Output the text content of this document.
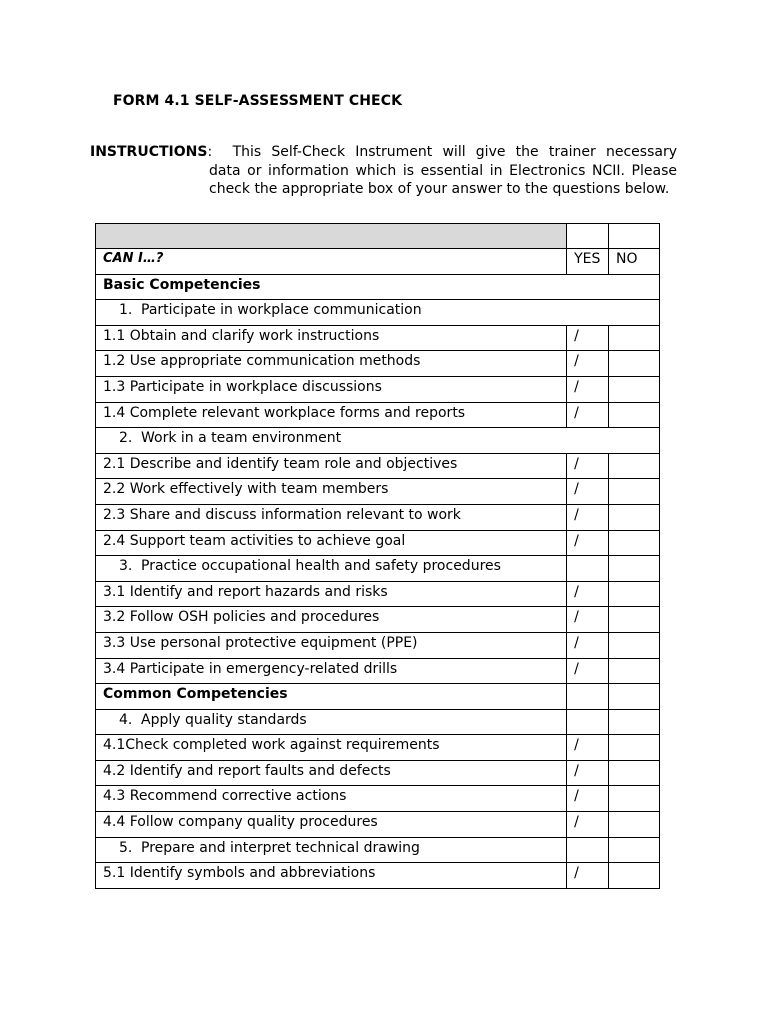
FORM 4.1 SELF-ASSESSMENT CHECK
INSTRUCTIONS:  This Self-Check Instrument will give the trainer necessary
data or information which is essential in Electronics NCII. Please check the appropriate box of your answer to the questions below.

CAN I…?	YES	NO
Basic Competencies		
1. Participate in workplace communication		
1.1 Obtain and clarify work instructions	/	
1.2 Use appropriate communication methods	/	
1.3 Participate in workplace discussions	/	
1.4 Complete relevant workplace forms and reports	/	
2. Work in a team environment		
2.1 Describe and identify team role and objectives	/	
2.2 Work effectively with team members	/	
2.3 Share and discuss information relevant to work	/	
2.4 Support team activities to achieve goal	/	
3. Practice occupational health and safety procedures		
3.1 Identify and report hazards and risks	/	
3.2 Follow OSH policies and procedures	/	
3.3 Use personal protective equipment (PPE)	/	
3.4 Participate in emergency-related drills	/	
Common Competencies		
4. Apply quality standards		
4.1Check completed work against requirements	/	
4.2 Identify and report faults and defects	/	
4.3 Recommend corrective actions	/	
4.4 Follow company quality procedures	/	
5. Prepare and interpret technical drawing		
5.1 Identify symbols and abbreviations	/	
